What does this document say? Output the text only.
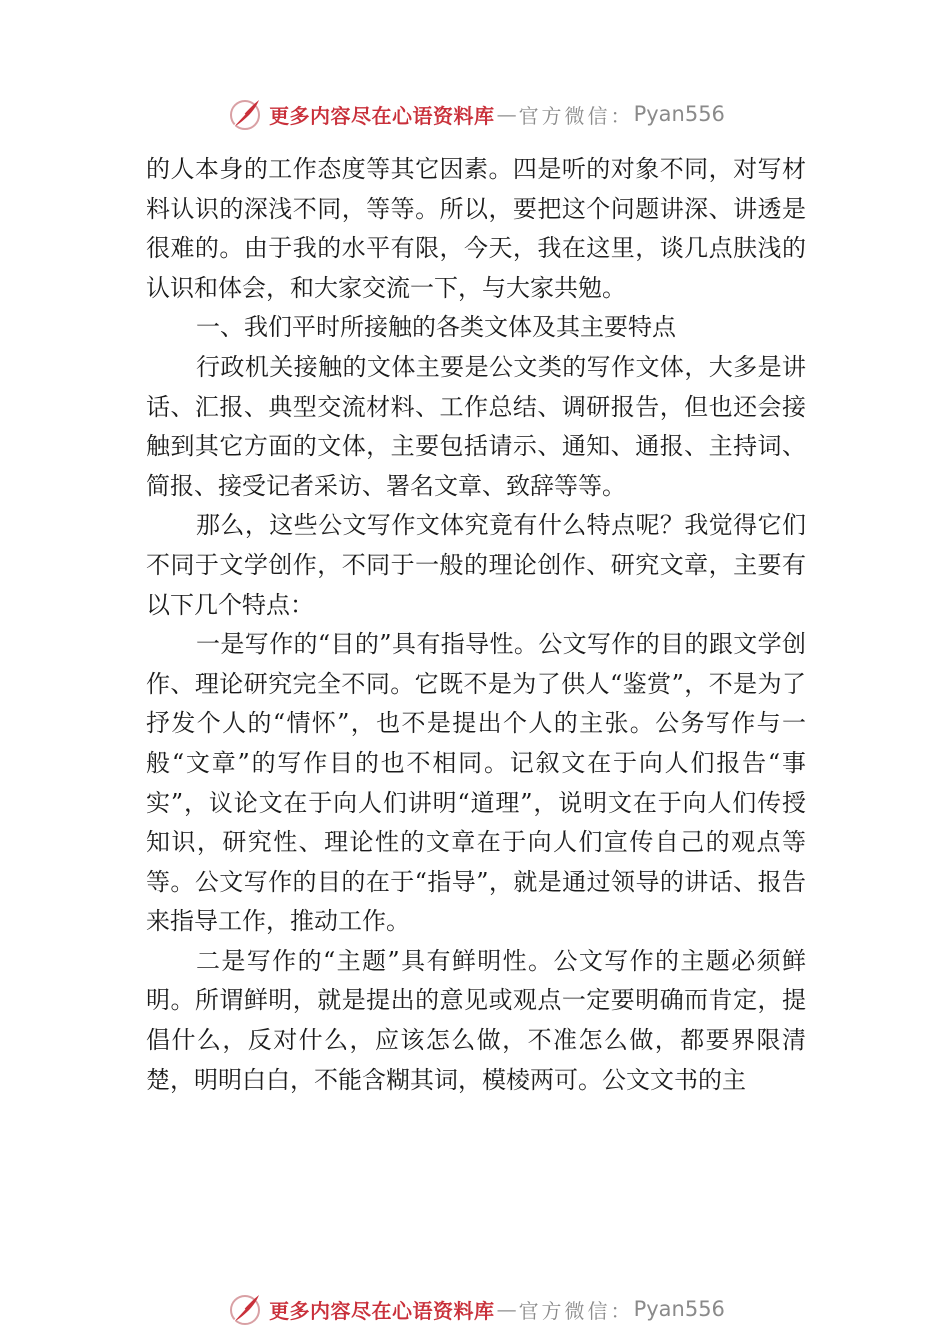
更多内容尽在心语资料库 — 官方微信： Pyan556

的人本身的工作态度等其它因素。四是听的对象不同，对写材料认识的深浅不同，等等。所以，要把这个问题讲深、讲透是很难的。由于我的水平有限，今天，我在这里，谈几点肤浅的认识和体会，和大家交流一下，与大家共勉。

一、我们平时所接触的各类文体及其主要特点

行政机关接触的文体主要是公文类的写作文体，大多是讲话、汇报、典型交流材料、工作总结、调研报告，但也还会接触到其它方面的文体，主要包括请示、通知、通报、主持词、简报、接受记者采访、署名文章、致辞等等。

那么，这些公文写作文体究竟有什么特点呢？我觉得它们不同于文学创作，不同于一般的理论创作、研究文章，主要有以下几个特点：

一是写作的“目的”具有指导性。公文写作的目的跟文学创作、理论研究完全不同。它既不是为了供人“鉴赏”，不是为了抒发个人的“情怀”，也不是提出个人的主张。公务写作与一般“文章”的写作目的也不相同。记叙文在于向人们报告“事实”，议论文在于向人们讲明“道理”，说明文在于向人们传授知识，研究性、理论性的文章在于向人们宣传自己的观点等等。公文写作的目的在于“指导”，就是通过领导的讲话、报告来指导工作，推动工作。

二是写作的“主题”具有鲜明性。公文写作的主题必须鲜明。所谓鲜明，就是提出的意见或观点一定要明确而肯定，提倡什么，反对什么，应该怎么做，不准怎么做，都要界限清楚，明明白白，不能含糊其词，模棱两可。公文文书的主

更多内容尽在心语资料库 — 官方微信： Pyan556
